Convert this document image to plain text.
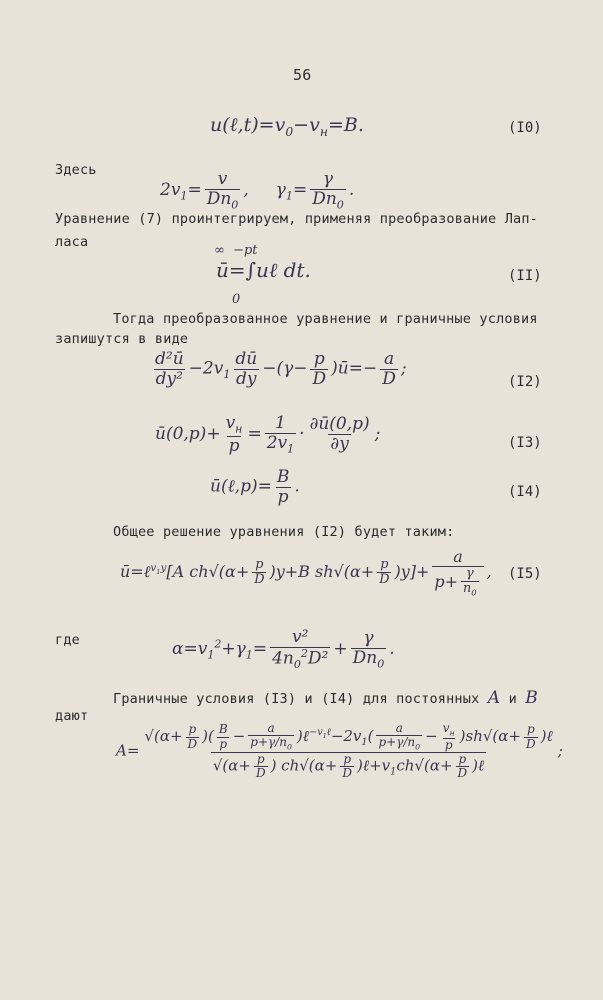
56
$u(\ell,t)=v_0-v_н=B$.	(I0)
Здесь
$2v_1= \frac{v}{Dn_0}$ ,     $\gamma_1= \frac{\gamma}{Dn_0}$ .
Уравнение (7) проинтегрируем, применяя преобразование Лап-
ласа
∞  −pt
ū=∫uℓ dt.
0
(II)
Тогда преобразованное уравнение и граничные условия
запишутся в виде
$\frac{\text{d²ū}}{\text{dy²}} -2v_1 \frac{dū}{dy} -(\gamma- \frac{p}{D}$ )ū=− $\frac{a}{D}$ ;
(I2)
ū(0,p)+ $\frac{v_н}{p} = \frac{1}{2v_1} \cdot \frac{\partial ū(0,p)}{\partial y}$ ;	(I3)
ū(ℓ,p)= $\frac{B}{p}$ .	(I4)
Общее решение уравнения (I2) будет таким:
ū=ℓ$^{v_1y}$[A $ch√(\alpha+ \frac{p}{D} )y+B$ $sh√(\alpha+ \frac{p}{D} )y]+ \frac{a}{p+ \frac{\gamma}{n_0}}$ , (I5)
где	$\alpha=v_1^2+\gamma_1= \frac{\text{v²}}{4n_0^2D^2} + \frac{\gamma}{Dn_0}$ .
Граничные условия (I3) и (I4) для постоянных A и B
дают
$A= \frac{√(\alpha+ \frac{p}{D} )( \frac{B}{p} - \frac{a}{p+\gamma/n_0} )\ell^{-v_1\ell}-2v_1( \frac{a}{p+\gamma/n_0} - \frac{v_н}{p} )sh√(\alpha+ \frac{p}{D} )\ell}{√(\alpha+ \frac{p}{D} ) ch√(\alpha+ \frac{p}{D} )\ell+v_1ch√(\alpha+ \frac{p}{D} )\ell}$ ;
